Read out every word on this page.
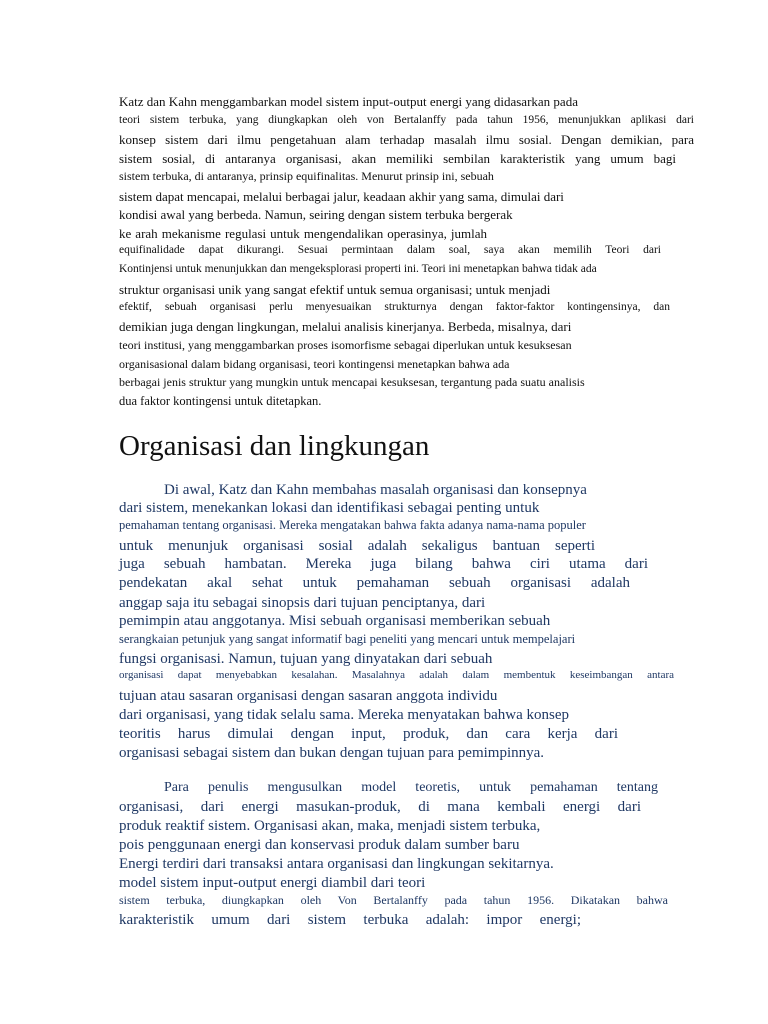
Katz dan Kahn menggambarkan model sistem input-output energi yang didasarkan pada
teori sistem terbuka, yang diungkapkan oleh von Bertalanffy pada tahun 1956, menunjukkan aplikasi dari
konsep sistem dari ilmu pengetahuan alam terhadap masalah ilmu sosial. Dengan demikian, para
sistem sosial, di antaranya organisasi, akan memiliki sembilan karakteristik yang umum bagi
sistem terbuka, di antaranya, prinsip equifinalitas. Menurut prinsip ini, sebuah
sistem dapat mencapai, melalui berbagai jalur, keadaan akhir yang sama, dimulai dari
kondisi awal yang berbeda. Namun, seiring dengan sistem terbuka bergerak
ke arah mekanisme regulasi untuk mengendalikan operasinya, jumlah
equifinalidade dapat dikurangi. Sesuai permintaan dalam soal, saya akan memilih Teori dari
Kontinjensi untuk menunjukkan dan mengeksplorasi properti ini. Teori ini menetapkan bahwa tidak ada
struktur organisasi unik yang sangat efektif untuk semua organisasi; untuk menjadi
efektif, sebuah organisasi perlu menyesuaikan strukturnya dengan faktor-faktor kontingensinya, dan
demikian juga dengan lingkungan, melalui analisis kinerjanya. Berbeda, misalnya, dari
teori institusi, yang menggambarkan proses isomorfisme sebagai diperlukan untuk kesuksesan
organisasional dalam bidang organisasi, teori kontingensi menetapkan bahwa ada
berbagai jenis struktur yang mungkin untuk mencapai kesuksesan, tergantung pada suatu analisis
dua faktor kontingensi untuk ditetapkan.
Organisasi dan lingkungan
Di awal, Katz dan Kahn membahas masalah organisasi dan konsepnya
dari sistem, menekankan lokasi dan identifikasi sebagai penting untuk
pemahaman tentang organisasi. Mereka mengatakan bahwa fakta adanya nama-nama populer
untuk menunjuk organisasi sosial adalah sekaligus bantuan seperti
juga sebuah hambatan. Mereka juga bilang bahwa ciri utama dari
pendekatan akal sehat untuk pemahaman sebuah organisasi adalah
anggap saja itu sebagai sinopsis dari tujuan penciptanya, dari
pemimpin atau anggotanya. Misi sebuah organisasi memberikan sebuah
serangkaian petunjuk yang sangat informatif bagi peneliti yang mencari untuk mempelajari
fungsi organisasi. Namun, tujuan yang dinyatakan dari sebuah
organisasi dapat menyebabkan kesalahan. Masalahnya adalah dalam membentuk keseimbangan antara
tujuan atau sasaran organisasi dengan sasaran anggota individu
dari organisasi, yang tidak selalu sama. Mereka menyatakan bahwa konsep
teoritis harus dimulai dengan input, produk, dan cara kerja dari
organisasi sebagai sistem dan bukan dengan tujuan para pemimpinnya.
Para penulis mengusulkan model teoretis, untuk pemahaman tentang
organisasi, dari energi masukan-produk, di mana kembali energi dari
produk reaktif sistem. Organisasi akan, maka, menjadi sistem terbuka,
pois penggunaan energi dan konservasi produk dalam sumber baru
Energi terdiri dari transaksi antara organisasi dan lingkungan sekitarnya.
model sistem input-output energi diambil dari teori
sistem terbuka, diungkapkan oleh Von Bertalanffy pada tahun 1956. Dikatakan bahwa
karakteristik umum dari sistem terbuka adalah: impor energi;
